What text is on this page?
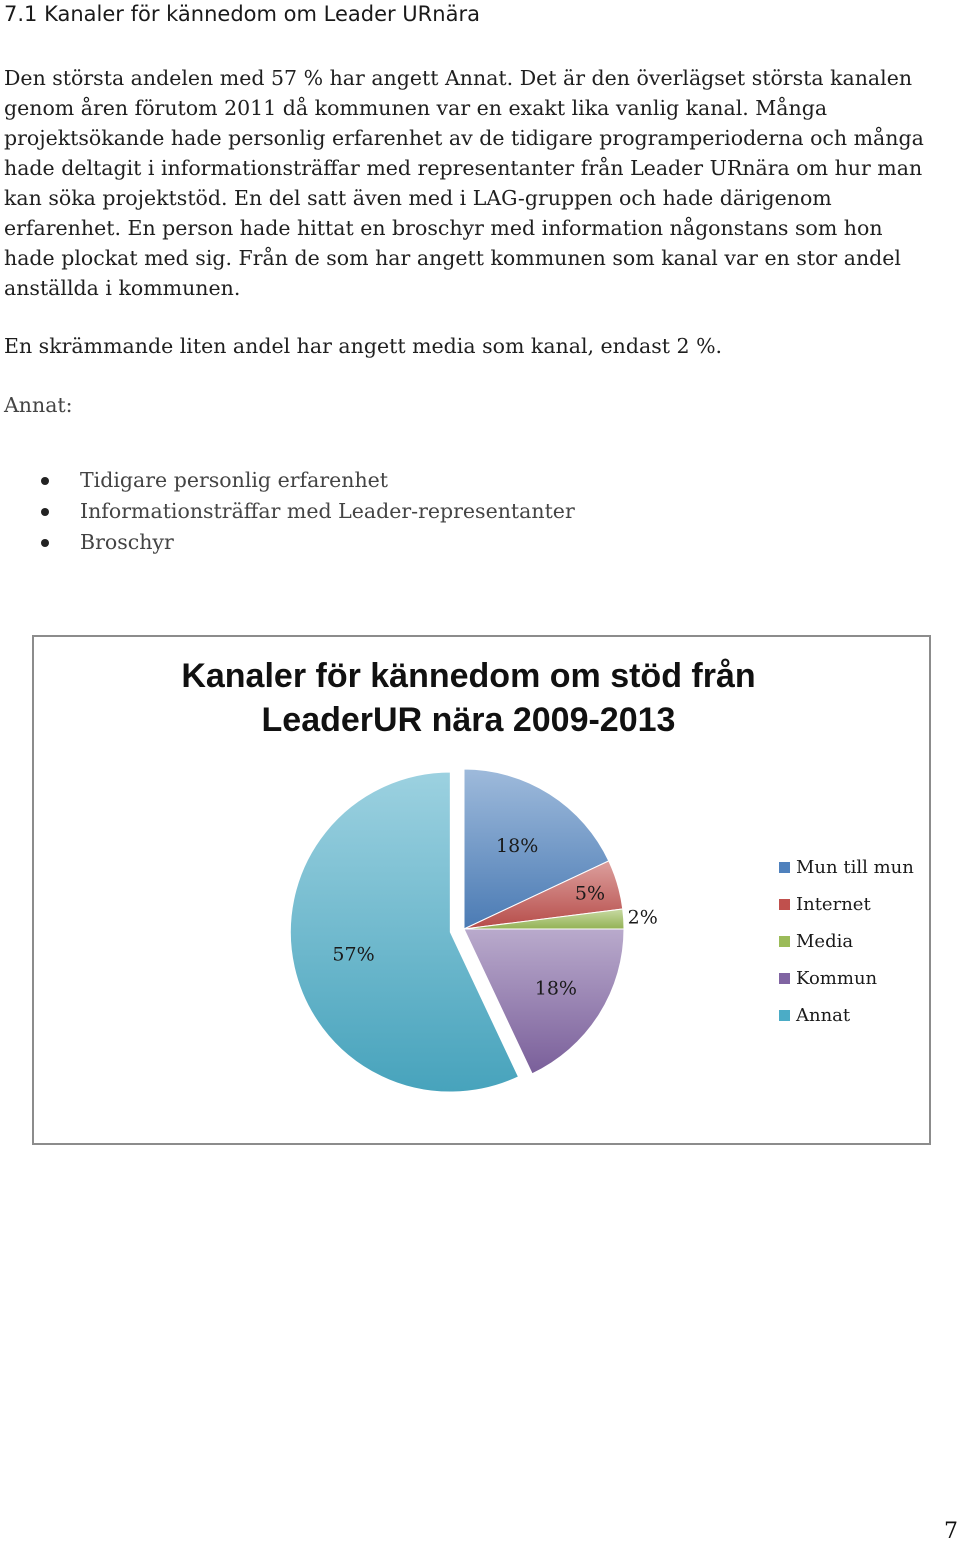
7.1 Kanaler för kännedom om Leader URnära

Den största andelen med 57 % har angett Annat. Det är den överlägset största kanalen
genom åren förutom 2011 då kommunen var en exakt lika vanlig kanal. Många
projektsökande hade personlig erfarenhet av de tidigare programperioderna och många
hade deltagit i informationsträffar med representanter från Leader URnära om hur man
kan söka projektstöd. En del satt även med i LAG-gruppen och hade därigenom
erfarenhet. En person hade hittat en broschyr med information någonstans som hon
hade plockat med sig. Från de som har angett kommunen som kanal var en stor andel
anställda i kommunen.

En skrämmande liten andel har angett media som kanal, endast 2 %.

Annat:
Tidigare personlig erfarenhet
Informationsträffar med Leader-representanter
Broschyr
Kanaler för kännedom om stöd från
LeaderUR nära 2009-2013
18%
5%
2%
18%
57%
Mun till mun
Internet
Media
Kommun
Annat
7
